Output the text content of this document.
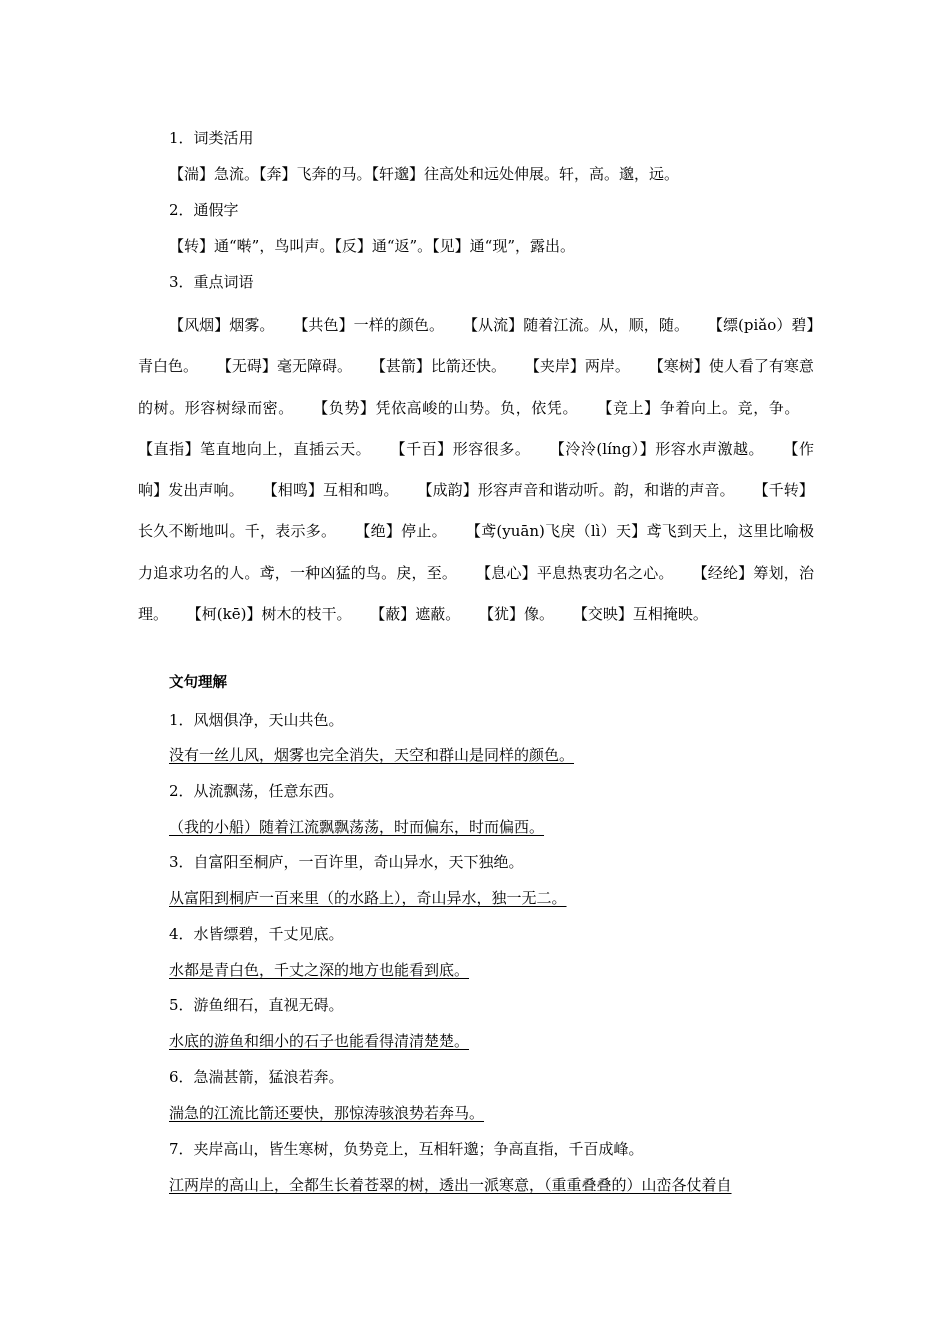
1．词类活用
【湍】急流。【奔】飞奔的马。【轩邈】往高处和远处伸展。轩，高。邈，远。
2．通假字
【转】通“啭”，鸟叫声。【反】通“返”。【见】通“现”，露出。
3．重点词语
【风烟】烟雾。 【共色】一样的颜色。 【从流】随着江流。从，顺，随。 【缥(piǎo）碧】青白色。 【无碍】毫无障碍。 【甚箭】比箭还快。 【夹岸】两岸。 【寒树】使人看了有寒意的树。形容树绿而密。 【负势】凭依高峻的山势。负，依凭。 【竞上】争着向上。竞，争。 【直指】笔直地向上，直插云天。 【千百】形容很多。 【泠泠(líng）】形容水声激越。 【作响】发出声响。 【相鸣】互相和鸣。 【成韵】形容声音和谐动听。韵，和谐的声音。 【千转】长久不断地叫。千，表示多。 【绝】停止。 【鸢(yuān)飞戾（lì）天】鸢飞到天上，这里比喻极力追求功名的人。鸢，一种凶猛的鸟。戾，至。 【息心】平息热衷功名之心。 【经纶】筹划，治理。 【柯(kē)】树木的枝干。 【蔽】遮蔽。 【犹】像。 【交映】互相掩映。
文句理解
1．风烟俱净，天山共色。
没有一丝儿风，烟雾也完全消失，天空和群山是同样的颜色。
2．从流飘荡，任意东西。
（我的小船）随着江流飘飘荡荡，时而偏东，时而偏西。
3．自富阳至桐庐，一百许里，奇山异水，天下独绝。
从富阳到桐庐一百来里（的水路上），奇山异水，独一无二。
4．水皆缥碧，千丈见底。
水都是青白色，千丈之深的地方也能看到底。
5．游鱼细石，直视无碍。
水底的游鱼和细小的石子也能看得清清楚楚。
6．急湍甚箭，猛浪若奔。
湍急的江流比箭还要快，那惊涛骇浪势若奔马。
7．夹岸高山，皆生寒树，负势竞上，互相轩邈；争高直指，千百成峰。
江两岸的高山上，全都生长着苍翠的树，透出一派寒意，（重重叠叠的）山峦各仗着自
